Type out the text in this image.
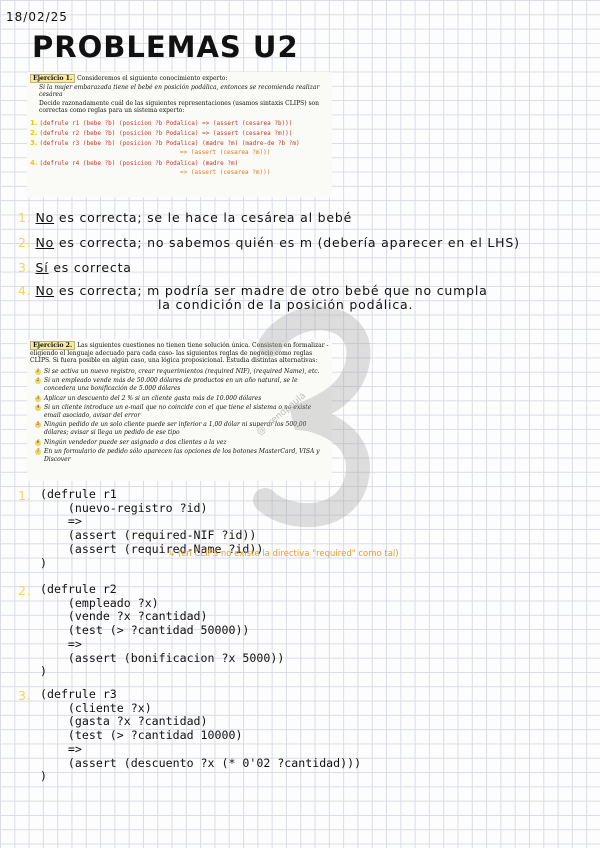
18/02/25
PROBLEMAS U2
Ejercicio 1. Consideremos el siguiente conocimiento experto:
Si la mujer embarazada tiene el bebé en posición podálica, entonces se recomienda realizar cesárea
Decide razonadamente cuál de las siguientes representaciones (usamos sintaxis CLIPS) son correctas como reglas para un sistema experto:
1. (defrule r1 (bebe ?b) (posicion ?b Podalica) => (assert (cesarea ?b)))
2. (defrule r2 (bebe ?b) (posicion ?b Podalica) => (assert (cesarea ?m)))
3. (defrule r3 (bebe ?b) (posicion ?b Podalica) (madre ?m) (madre-de ?b ?m)
=> (assert (cesarea ?m)))
4. (defrule r4 (bebe ?b) (posicion ?b Podalica) (madre ?m)
=> (assert (cesarea ?m)))
1. No es correcta; se le hace la cesárea al bebé
2. No es correcta; no sabemos quién es m (debería aparecer en el LHS)
3. Sí es correcta
4. No es correcta; m podría ser madre de otro bebé que no cumpla
la condición de la posición podálica.
Ejercicio 2. Las siguientes cuestiones no tienen tiene solución única. Consisten en formalizar - eligiendo el lenguaje adecuado para cada caso- las siguientes reglas de negocio como reglas CLIPS. Si fuera posible en algún caso, una lógica proposicional. Estudia distintas alternativas:
1 Si se activa un nuevo registro, crear requerimientos (required NIF), (required Name), etc.
2 Si un empleado vende más de 50.000 dólares de productos en un año natural, se le concedera una bonificación de 5.000 dólares
3 Aplicar un descuento del 2 % si un cliente gasta más de 10.000 dólares
4 Si un cliente introduce un e-mail que no coincide con el que tiene el sistema o no existe email asociado, avisar del error
5 Ningún pedido de un solo cliente puede ser inferior a 1,00 dólar ni superar los 500,00 dólares; avisar si llega un pedido de ese tipo
6 Ningún vendedor puede ser asignado a dos clientes a la vez
7 En un formulario de pedido sólo aparecen las opciones de los botones MasterCard, VISA y Discover
@ trendpaula
1. (defrule r1
(nuevo-registro ?id)
=>
(assert (required-NIF ?id))
(assert (required-Name ?id))
)
↳ (en CLIPS no existe la directiva "required" como tal)
2. (defrule r2
(empleado ?x)
(vende ?x ?cantidad)
(test (> ?cantidad 50000))
=>
(assert (bonificacion ?x 5000))
)
3. (defrule r3
(cliente ?x)
(gasta ?x ?cantidad)
(test (> ?cantidad 10000)
=>
(assert (descuento ?x (* 0'02 ?cantidad)))
)
